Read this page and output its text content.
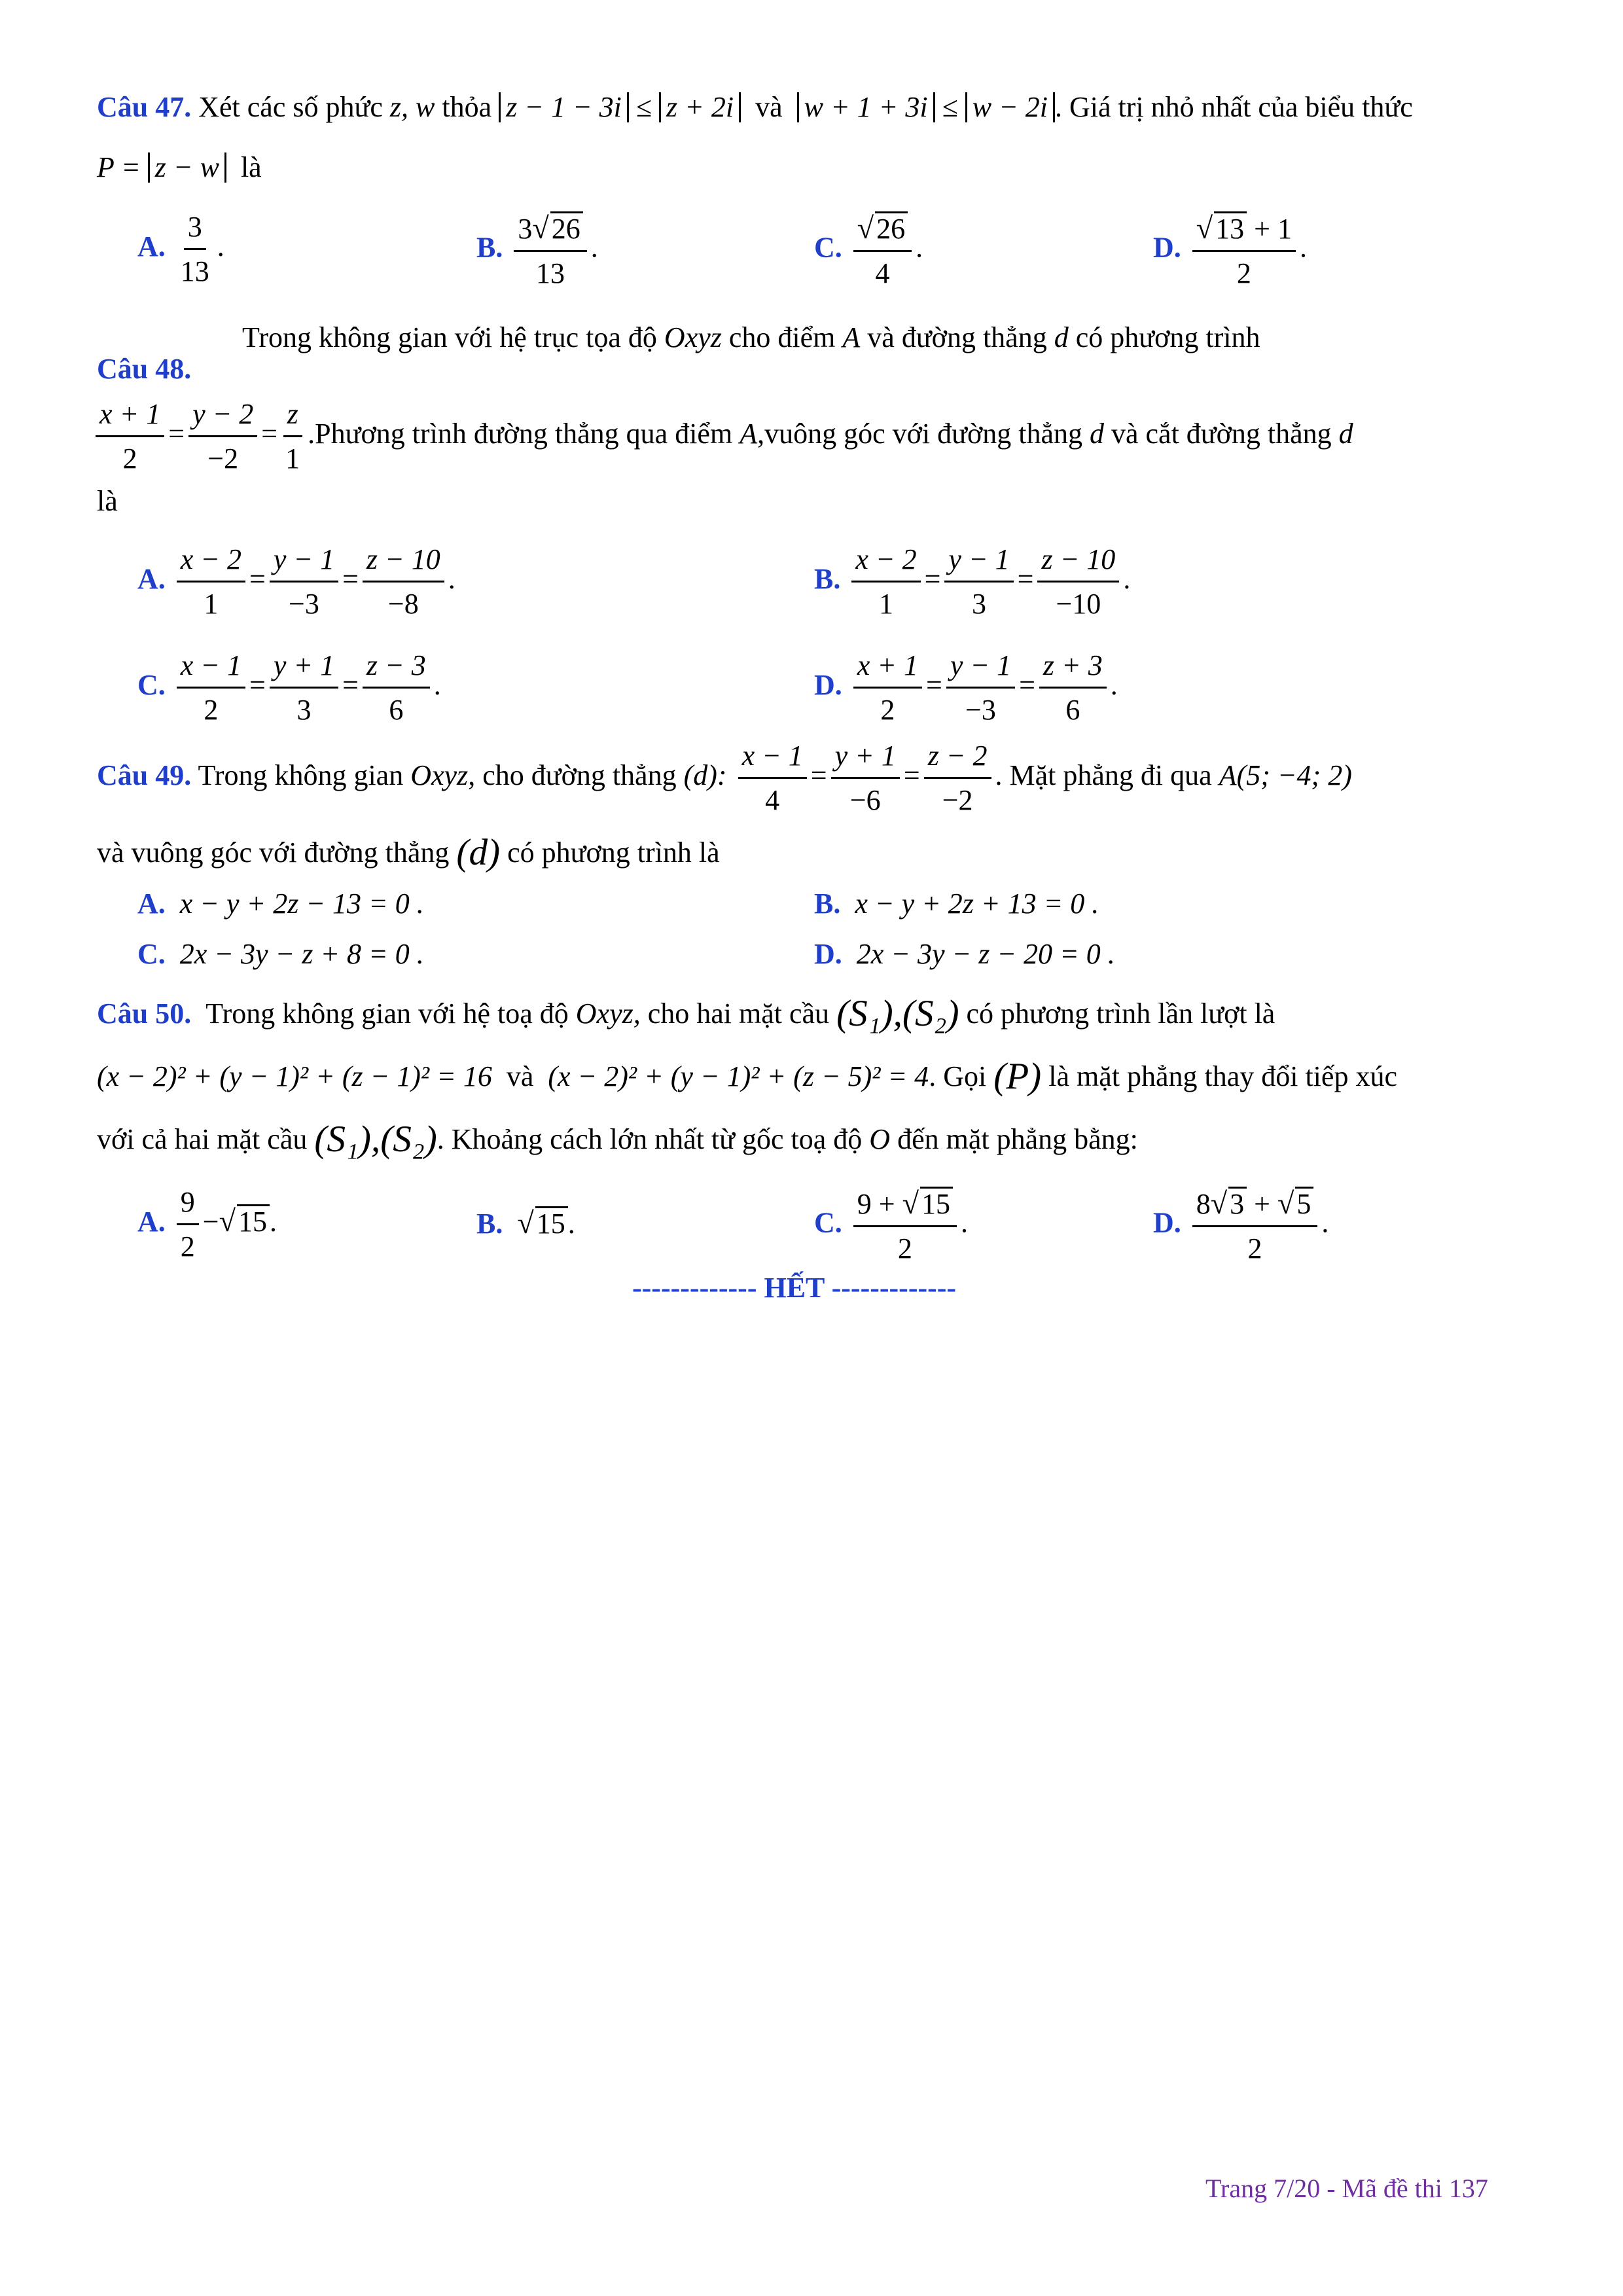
Câu 47. Xét các số phức z, w thỏa z − 1 − 3i ≤ z + 2i và w + 1 + 3i ≤ w − 2i . Giá trị nhỏ nhất của biểu thức
P = z − w là
A. $\frac{3}{13}$ .	B. $\frac{3√26}{13}$ .	C. $\frac{√26}{4}$ .	D. $\frac{√13 + 1}{2}$ .
Trong không gian với hệ trục tọa độ Oxyz cho điểm A và đường thẳng d có phương trình
Câu 48.
$\frac{x + 1}{2} = \frac{y - 2}{-2} = \frac{z}{1}$ .Phương trình đường thẳng qua điểm A,vuông góc với đường thẳng d và cắt đường thẳng d
là
A. $\frac{x - 2}{1} = \frac{y - 1}{-3} = \frac{z - 10}{-8}$ .	B. $\frac{x - 2}{1} = \frac{y - 1}{3} = \frac{z - 10}{-10}$ .
C. $\frac{x - 1}{2} = \frac{y + 1}{3} = \frac{z - 3}{6}$ .	D. $\frac{x + 1}{2} = \frac{y - 1}{-3} = \frac{z + 3}{6}$ .
Câu 49. Trong không gian Oxyz, cho đường thẳng (d): $\frac{x - 1}{4} = \frac{y + 1}{-6} = \frac{z - 2}{-2}$ . Mặt phẳng đi qua A(5; −4; 2)
và vuông góc với đường thẳng (d) có phương trình là
A. x − y + 2z − 13 = 0 .	B. x − y + 2z + 13 = 0 .
C. 2x − 3y − z + 8 = 0 .	D. 2x − 3y − z − 20 = 0 .
Câu 50. Trong không gian với hệ toạ độ Oxyz, cho hai mặt cầu (S₁),(S₂) có phương trình lần lượt là
(x − 2)² + (y − 1)² + (z − 1)² = 16 và (x − 2)² + (y − 1)² + (z − 5)² = 4. Gọi (P) là mặt phẳng thay đổi tiếp xúc
với cả hai mặt cầu (S₁),(S₂). Khoảng cách lớn nhất từ gốc toạ độ O đến mặt phẳng bằng:
A. $\frac{9}{2} -√15$.	B. √15.	C. $\frac{9 + √15}{2}$ .	D. $\frac{8√3 + √5}{2}$ .
------------- HẾT -------------
Trang 7/20 - Mã đề thi 137
